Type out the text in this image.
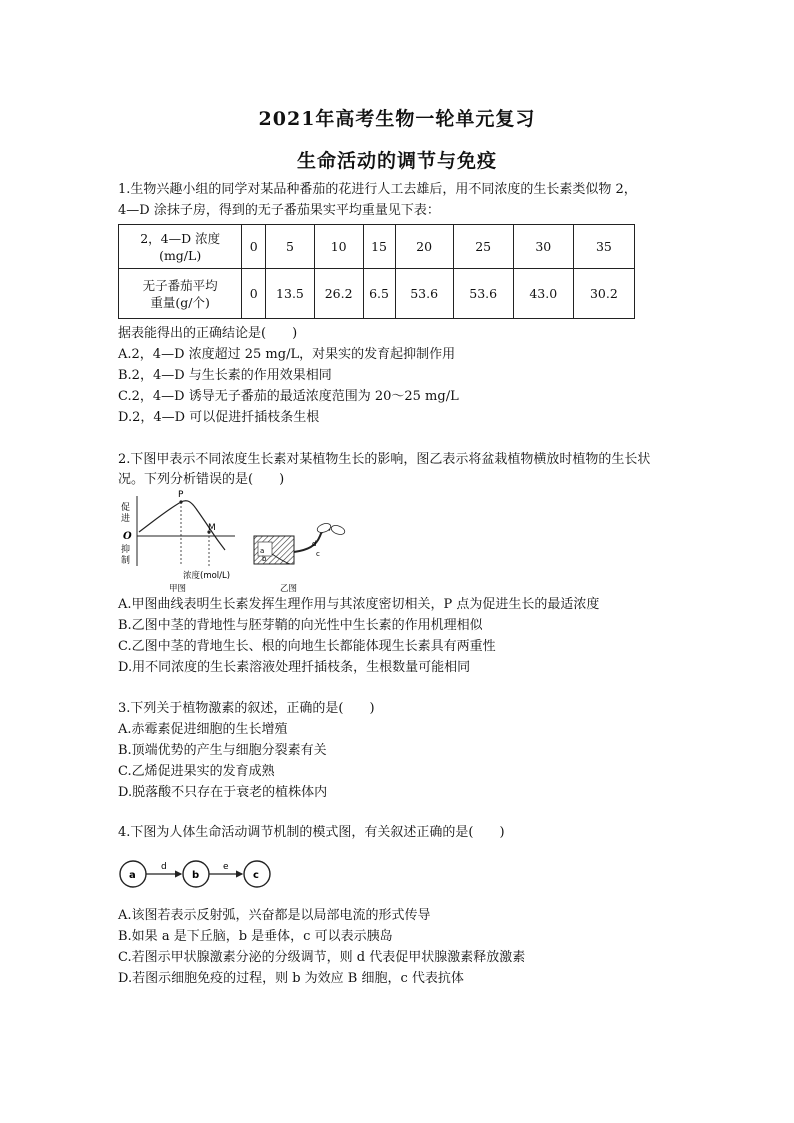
2021年高考生物一轮单元复习
生命活动的调节与免疫
1.生物兴趣小组的同学对某品种番茄的花进行人工去雄后，用不同浓度的生长素类似物 2，
4—D 涂抹子房，得到的无子番茄果实平均重量见下表：
2，4—D 浓度
(mg/L)	0	5	10	15	20	25	30	35

无子番茄平均
重量(g/个)	0	13.5	26.2	6.5	53.6	53.6	43.0	30.2
据表能得出的正确结论是(　　)
A.2，4—D 浓度超过 25 mg/L，对果实的发育起抑制作用
B.2，4—D 与生长素的作用效果相同
C.2，4—D 诱导无子番茄的最适浓度范围为 20～25 mg/L
D.2，4—D 可以促进扦插枝条生根
2.下图甲表示不同浓度生长素对某植物生长的影响，图乙表示将盆栽植物横放时植物的生长状
况。下列分析错误的是(　　)
P
M
促
进
O
抑
制
浓度(mol/L)
甲图
a
b
d
c
乙图
A.甲图曲线表明生长素发挥生理作用与其浓度密切相关，P 点为促进生长的最适浓度
B.乙图中茎的背地性与胚芽鞘的向光性中生长素的作用机理相似
C.乙图中茎的背地生长、根的向地生长都能体现生长素具有两重性
D.用不同浓度的生长素溶液处理扦插枝条，生根数量可能相同
3.下列关于植物激素的叙述，正确的是(　　)
A.赤霉素促进细胞的生长增殖
B.顶端优势的产生与细胞分裂素有关
C.乙烯促进果实的发育成熟
D.脱落酸不只存在于衰老的植株体内
4.下图为人体生命活动调节机制的模式图，有关叙述正确的是(　　)
a	b	c
d	e
A.该图若表示反射弧，兴奋都是以局部电流的形式传导
B.如果 a 是下丘脑，b 是垂体，c 可以表示胰岛
C.若图示甲状腺激素分泌的分级调节，则 d 代表促甲状腺激素释放激素
D.若图示细胞免疫的过程，则 b 为效应 B 细胞，c 代表抗体
